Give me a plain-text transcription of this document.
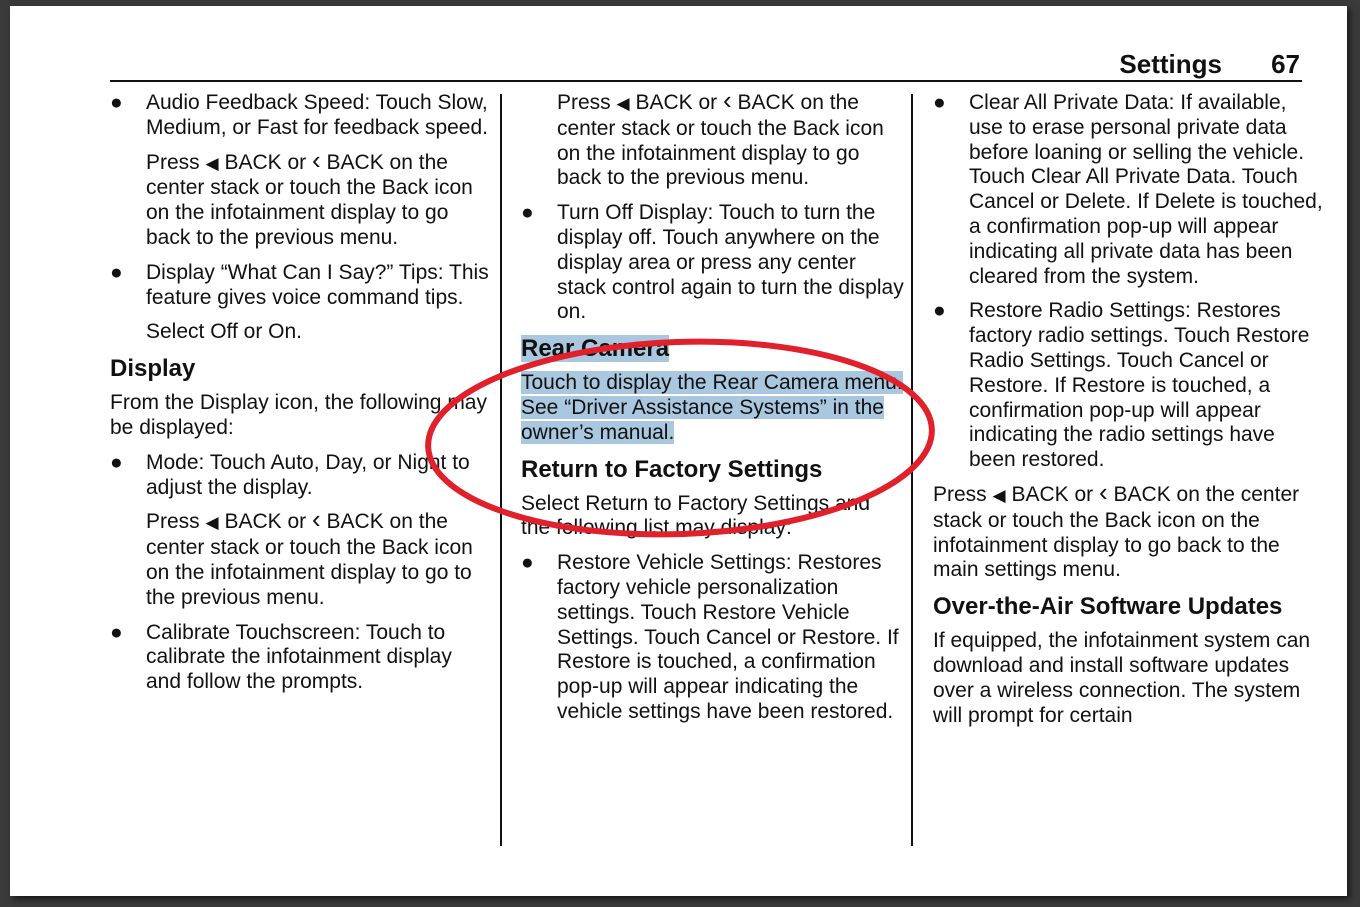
Settings 67
● Audio Feedback Speed: Touch Slow, Medium, or Fast for feedback speed.
Press ◀ BACK or ‹ BACK on the center stack or touch the Back icon on the infotainment display to go back to the previous menu.
● Display “What Can I Say?” Tips: This feature gives voice command tips.
Select Off or On.
Display
From the Display icon, the following may be displayed:
● Mode: Touch Auto, Day, or Night to adjust the display.
Press ◀ BACK or ‹ BACK on the center stack or touch the Back icon on the infotainment display to go to the previous menu.
● Calibrate Touchscreen: Touch to calibrate the infotainment display and follow the prompts.
Press ◀ BACK or ‹ BACK on the center stack or touch the Back icon on the infotainment display to go back to the previous menu.
● Turn Off Display: Touch to turn the display off. Touch anywhere on the display area or press any center stack control again to turn the display on.
Rear Camera
Touch to display the Rear Camera menu. See “Driver Assistance Systems” in the owner’s manual.
Return to Factory Settings
Select Return to Factory Settings and the following list may display:
● Restore Vehicle Settings: Restores factory vehicle personalization settings. Touch Restore Vehicle Settings. Touch Cancel or Restore. If Restore is touched, a confirmation pop-up will appear indicating the vehicle settings have been restored.
● Clear All Private Data: If available, use to erase personal private data before loaning or selling the vehicle. Touch Clear All Private Data. Touch Cancel or Delete. If Delete is touched, a confirmation pop-up will appear indicating all private data has been cleared from the system.
● Restore Radio Settings: Restores factory radio settings. Touch Restore Radio Settings. Touch Cancel or Restore. If Restore is touched, a confirmation pop-up will appear indicating the radio settings have been restored.
Press ◀ BACK or ‹ BACK on the center stack or touch the Back icon on the infotainment display to go back to the main settings menu.
Over-the-Air Software Updates
If equipped, the infotainment system can download and install software updates over a wireless connection. The system will prompt for certain
